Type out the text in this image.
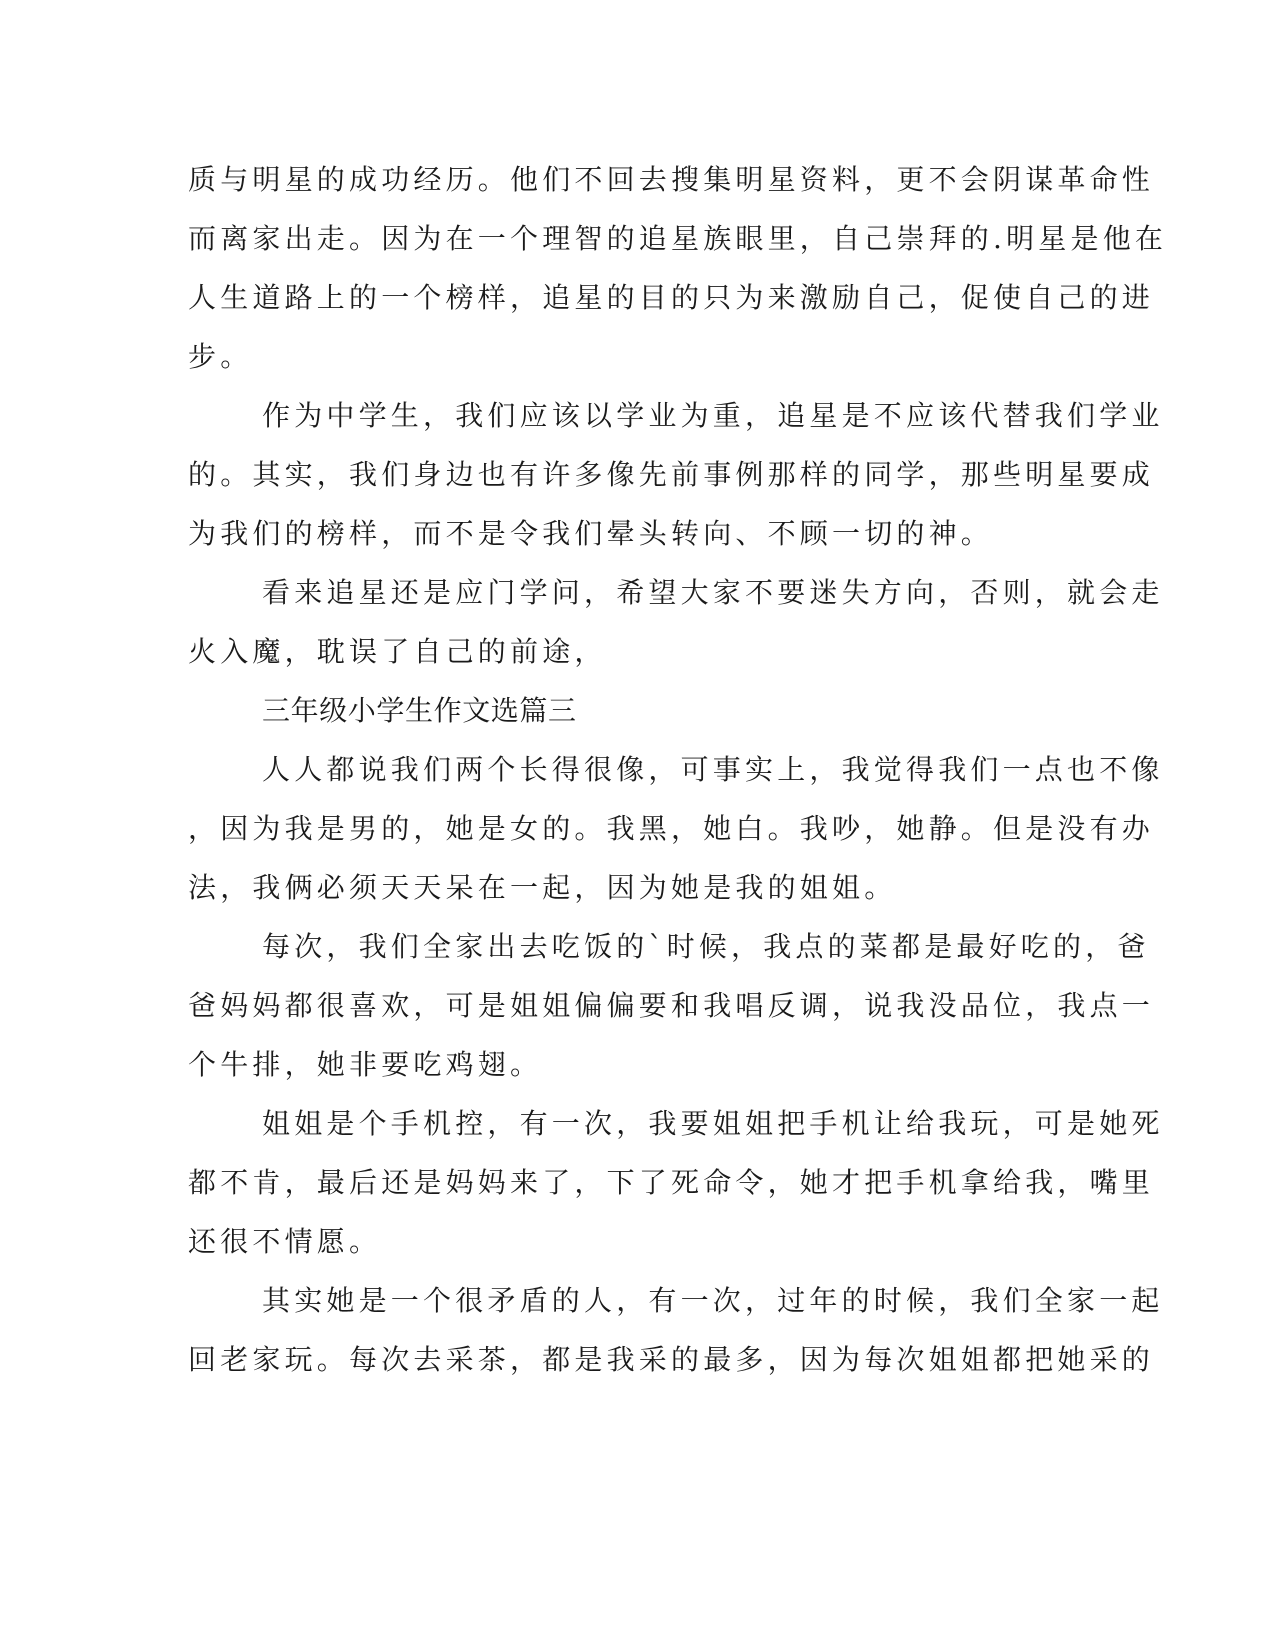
质与明星的成功经历。他们不回去搜集明星资料，更不会阴谋革命性
而离家出走。因为在一个理智的追星族眼里，自己崇拜的.明星是他在
人生道路上的一个榜样，追星的目的只为来激励自己，促使自己的进
步。
作为中学生，我们应该以学业为重，追星是不应该代替我们学业
的。其实，我们身边也有许多像先前事例那样的同学，那些明星要成
为我们的榜样，而不是令我们晕头转向、不顾一切的神。
看来追星还是应门学问，希望大家不要迷失方向，否则，就会走
火入魔，耽误了自己的前途，
三年级小学生作文选篇三
人人都说我们两个长得很像，可事实上，我觉得我们一点也不像
，因为我是男的，她是女的。我黑，她白。我吵，她静。但是没有办
法，我俩必须天天呆在一起，因为她是我的姐姐。
每次，我们全家出去吃饭的`时候，我点的菜都是最好吃的，爸
爸妈妈都很喜欢，可是姐姐偏偏要和我唱反调，说我没品位，我点一
个牛排，她非要吃鸡翅。
姐姐是个手机控，有一次，我要姐姐把手机让给我玩，可是她死
都不肯，最后还是妈妈来了，下了死命令，她才把手机拿给我，嘴里
还很不情愿。
其实她是一个很矛盾的人，有一次，过年的时候，我们全家一起
回老家玩。每次去采茶，都是我采的最多，因为每次姐姐都把她采的
